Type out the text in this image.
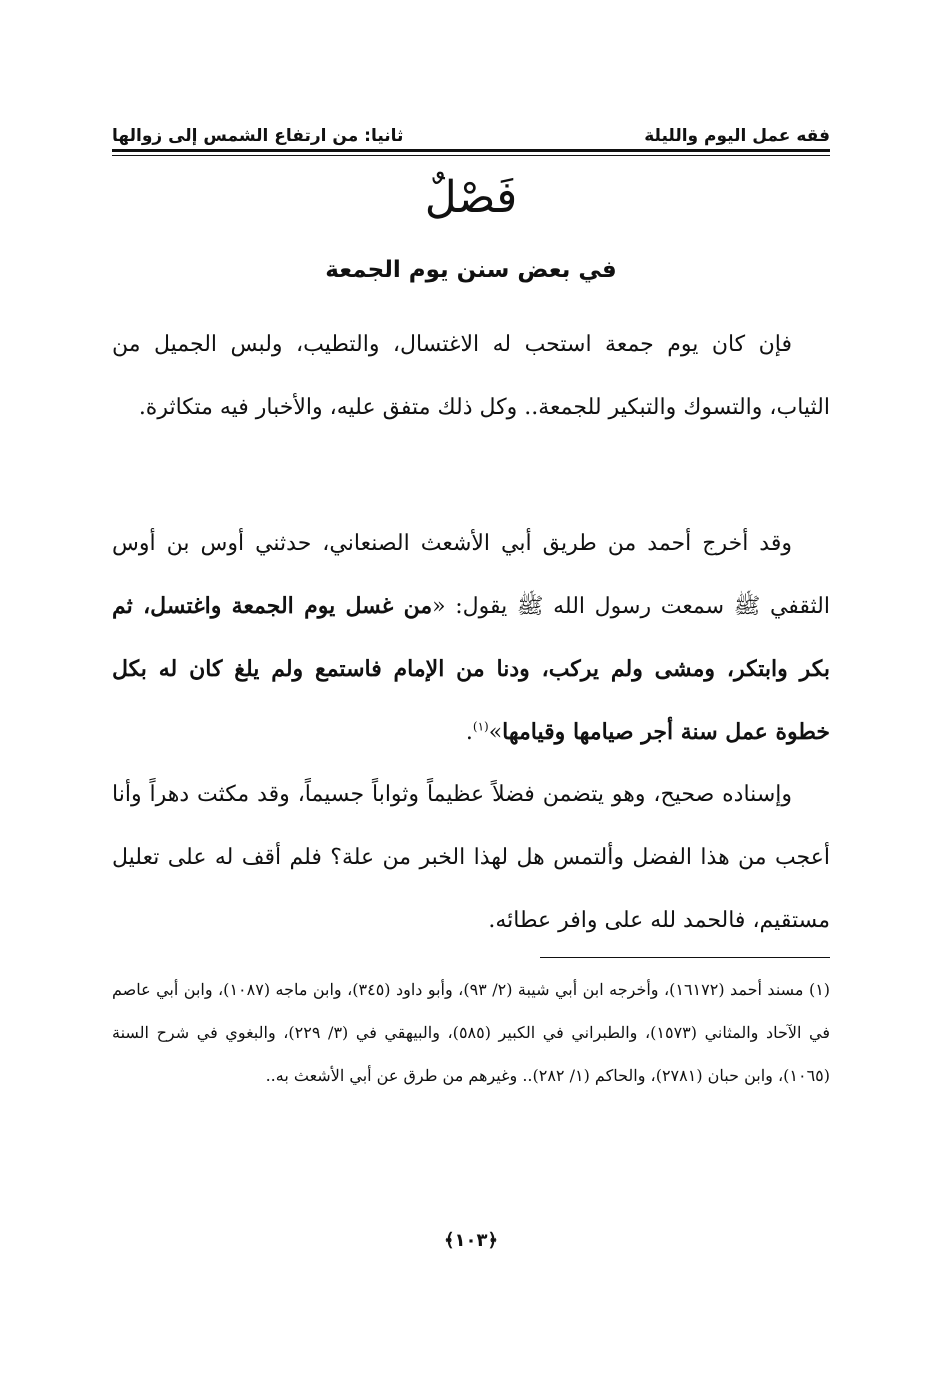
فقه عمل اليوم والليلة
ثانيا: من ارتفاع الشمس إلى زوالها
فَصْلٌ
في بعض سنن يوم الجمعة

فإن كان يوم جمعة استحب له الاغتسال، والتطيب، ولبس الجميل من الثياب، والتسوك والتبكير للجمعة.. وكل ذلك متفق عليه، والأخبار فيه متكاثرة.

وقد أخرج أحمد من طريق أبي الأشعث الصنعاني، حدثني أوس بن أوس الثقفي ﷺ سمعت رسول الله ﷺ يقول: «من غسل يوم الجمعة واغتسل، ثم بكر وابتكر، ومشى ولم يركب، ودنا من الإمام فاستمع ولم يلغ كان له بكل خطوة عمل سنة أجر صيامها وقيامها»$^{(١)}$.

وإسناده صحيح، وهو يتضمن فضلاً عظيماً وثواباً جسيماً، وقد مكثت دهراً وأنا أعجب من هذا الفضل وألتمس هل لهذا الخبر من علة؟ فلم أقف له على تعليل مستقيم، فالحمد لله على وافر عطائه.

(١) مسند أحمد (١٦١٧٢)، وأخرجه ابن أبي شيبة (٢/ ٩٣)، وأبو داود (٣٤٥)، وابن ماجه (١٠٨٧)، وابن أبي عاصم في الآحاد والمثاني (١٥٧٣)، والطبراني في الكبير (٥٨٥)، والبيهقي في (٣/ ٢٢٩)، والبغوي في شرح السنة (١٠٦٥)، وابن حبان (٢٧٨١)، والحاكم (١/ ٢٨٢).. وغيرهم من طرق عن أبي الأشعث به..

﴾١٠٣﴿
